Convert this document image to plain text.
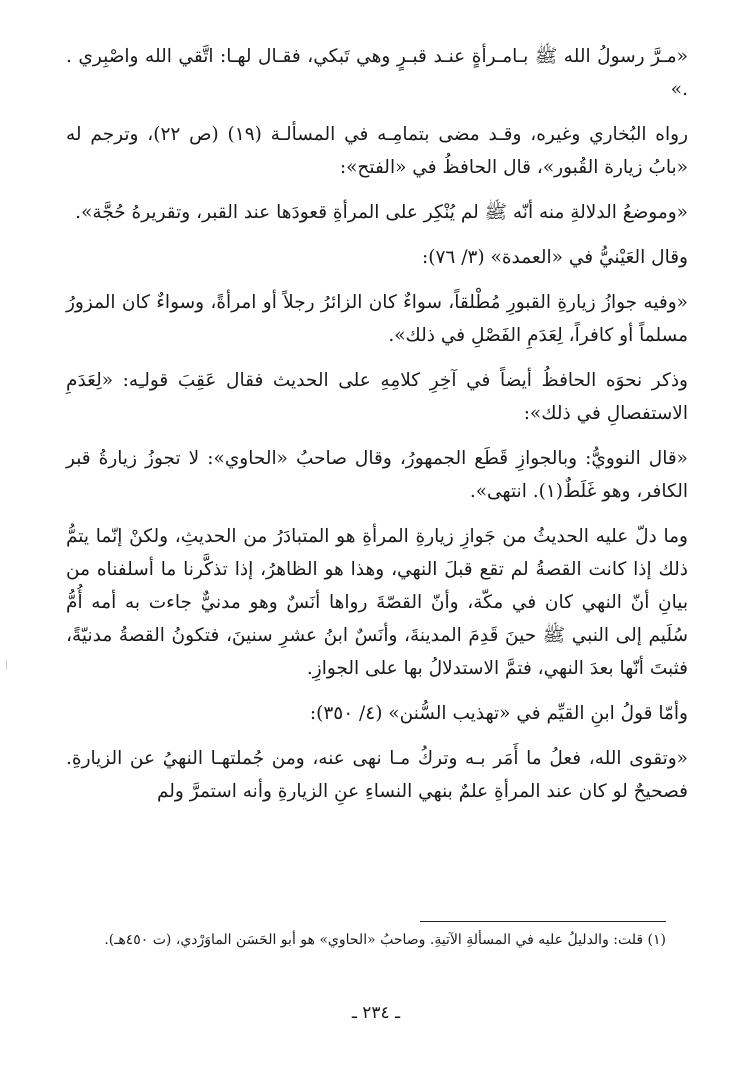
«مـرَّ رسولُ الله ﷺ بـامـرأةٍ عنـد قبـرٍ وهي تَبكي، فقـال لهـا: اتَّقي الله واصْبِري . .»

رواه البُخاري وغيره، وقـد مضى بتمامِـه في المسألـة (١٩) (ص ٢٢)، وترجم له «بابُ زيارة القُبور»، قال الحافظُ في «الفتح»:

«وموضعُ الدلالةِ منه أنّه ﷺ لم يُنْكِر على المرأةِ قعودَها عند القبر، وتقريرهُ حُجَّة».

وقال العَيْنيُّ في «العمدة» (٣/ ٧٦):

«وفيه جوازُ زيارةِ القبورِ مُطْلقاً، سواءٌ كان الزائرُ رجلاً أو امرأةً، وسواءٌ كان المزورُ مسلماً أو كافراً، لِعَدَمِ الفَصْلِ في ذلك».

وذكر نحوَه الحافظُ أيضاً في آخِرِ كلامِهِ على الحديث فقال عَقِبَ قولـِه: «لِعَدَمِ الاستفصالِ في ذلك»:

«قال النوويُّ: وبالجوازِ قَطَع الجمهورُ، وقال صاحبُ «الحاوي»: لا تجوزُ زيارةُ قبر الكافر، وهو غَلَطٌ(١). انتهى».

وما دلّ عليه الحديثُ من جَوازِ زيارةِ المرأةِ هو المتبادَرُ من الحديثِ، ولكنْ إنّما يتمُّ ذلك إذا كانت القصةُ لم تقع قبلَ النهي، وهذا هو الظاهرُ، إذا تذكَّرنا ما أسلفناه من بيانِ أنّ النهي كان في مكّة، وأنّ القصّةَ رواها أنَسٌ وهو مدنيٌّ جاءت به أمه أُمُّ سُلَيم إلى النبي ﷺ حينَ قَدِمَ المدينةَ، وأنَسٌ ابنُ عشرِ سنينَ، فتكونُ القصةُ مدنيّةً، فثبتَ أنّها بعدَ النهي، فتمَّ الاستدلالُ بها على الجوازِ.

وأمّا قولُ ابنِ القيِّم في «تهذيب السُّنن» (٤/ ٣٥٠):

«وتقوى الله، فعلُ ما أَمَر بـه وتركُ مـا نهى عنه، ومن جُملتهـا النهيُ عن الزيارةِ. فصحيحٌ لو كان عند المرأةِ علمٌ بنهي النساءِ عنِ الزيارةِ وأنه استمرَّ ولم

(١) قلت: والدليلُ عليه في المسألةِ الآتيةِ. وصاحبُ «الحاوي» هو أبو الحَسَن الماوَرْدي، (ت ٤٥٠هـ).
ـ ٢٣٤ ـ
